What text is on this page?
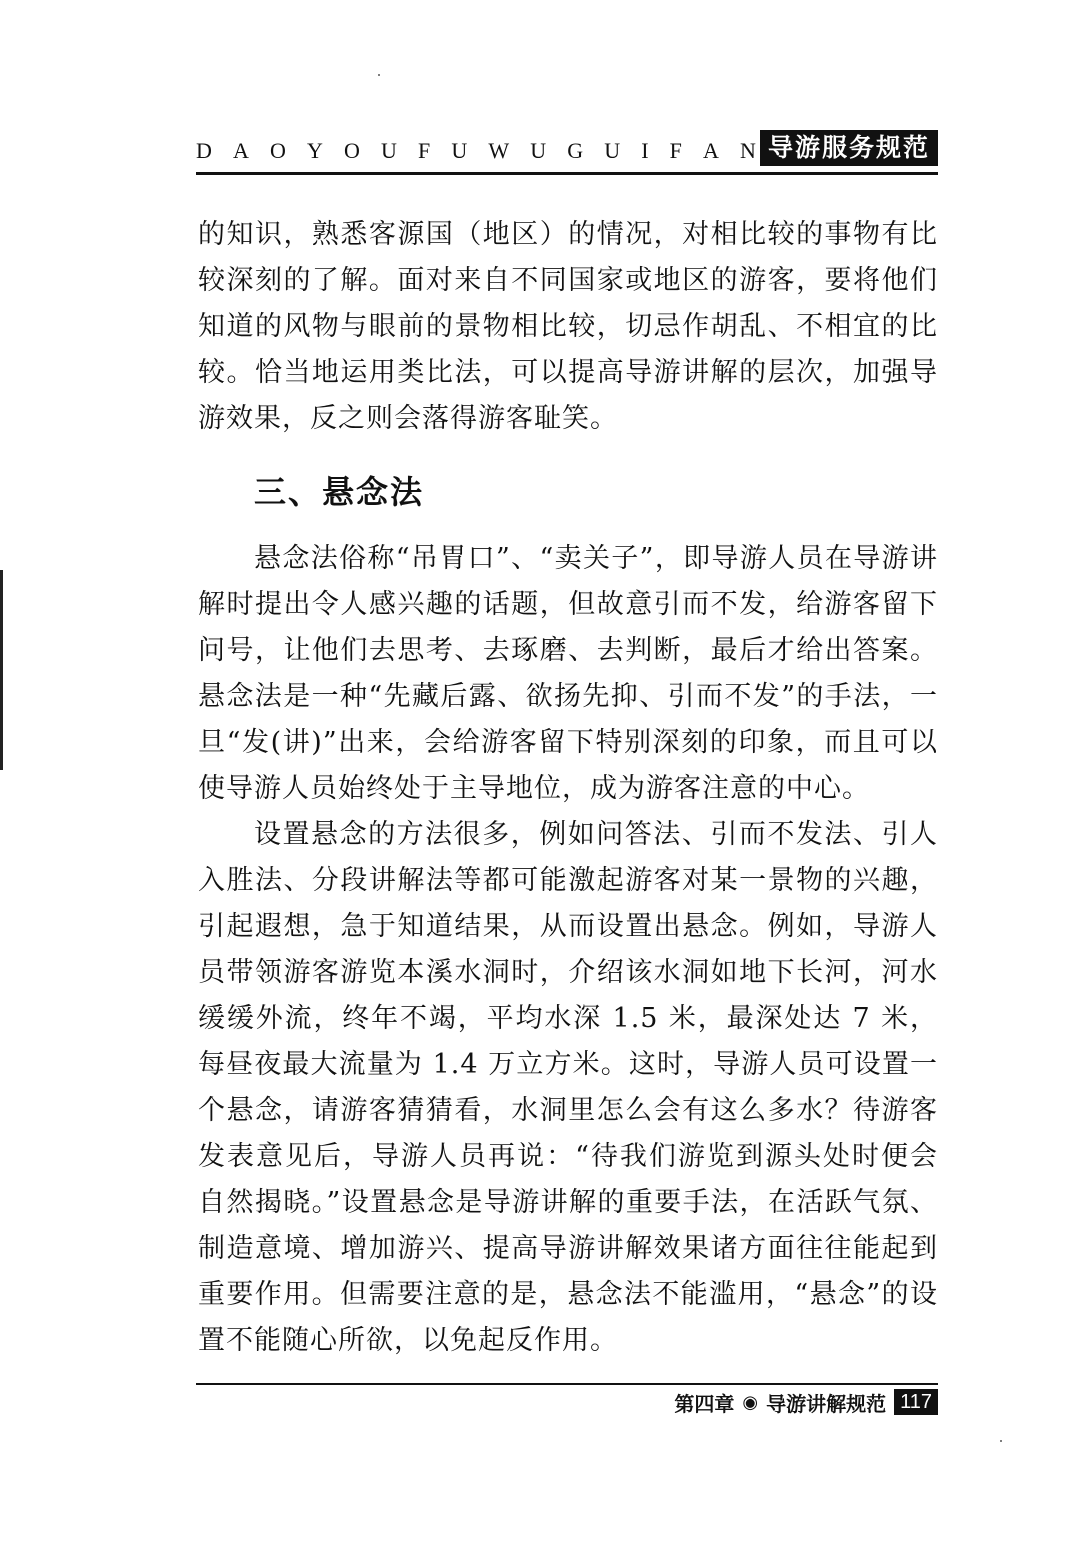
D A O Y O U F U W U G U I F A N 导游服务规范

的知识，熟悉客源国（地区）的情况，对相比较的事物有比较深刻的了解。面对来自不同国家或地区的游客，要将他们知道的风物与眼前的景物相比较，切忌作胡乱、不相宜的比较。恰当地运用类比法，可以提高导游讲解的层次，加强导游效果，反之则会落得游客耻笑。

三、悬念法

悬念法俗称“吊胃口”、“卖关子”，即导游人员在导游讲解时提出令人感兴趣的话题，但故意引而不发，给游客留下问号，让他们去思考、去琢磨、去判断，最后才给出答案。悬念法是一种“先藏后露、欲扬先抑、引而不发”的手法，一旦“发(讲)”出来，会给游客留下特别深刻的印象，而且可以使导游人员始终处于主导地位，成为游客注意的中心。

设置悬念的方法很多，例如问答法、引而不发法、引人入胜法、分段讲解法等都可能激起游客对某一景物的兴趣，引起遐想，急于知道结果，从而设置出悬念。例如，导游人员带领游客游览本溪水洞时，介绍该水洞如地下长河，河水缓缓外流，终年不竭，平均水深 1.5 米，最深处达 7 米，每昼夜最大流量为 1.4 万立方米。这时，导游人员可设置一个悬念，请游客猜猜看，水洞里怎么会有这么多水？待游客发表意见后，导游人员再说：“待我们游览到源头处时便会自然揭晓。”设置悬念是导游讲解的重要手法，在活跃气氛、制造意境、增加游兴、提高导游讲解效果诸方面往往能起到重要作用。但需要注意的是，悬念法不能滥用，“悬念”的设置不能随心所欲，以免起反作用。

第四章 ◉ 导游讲解规范 117
